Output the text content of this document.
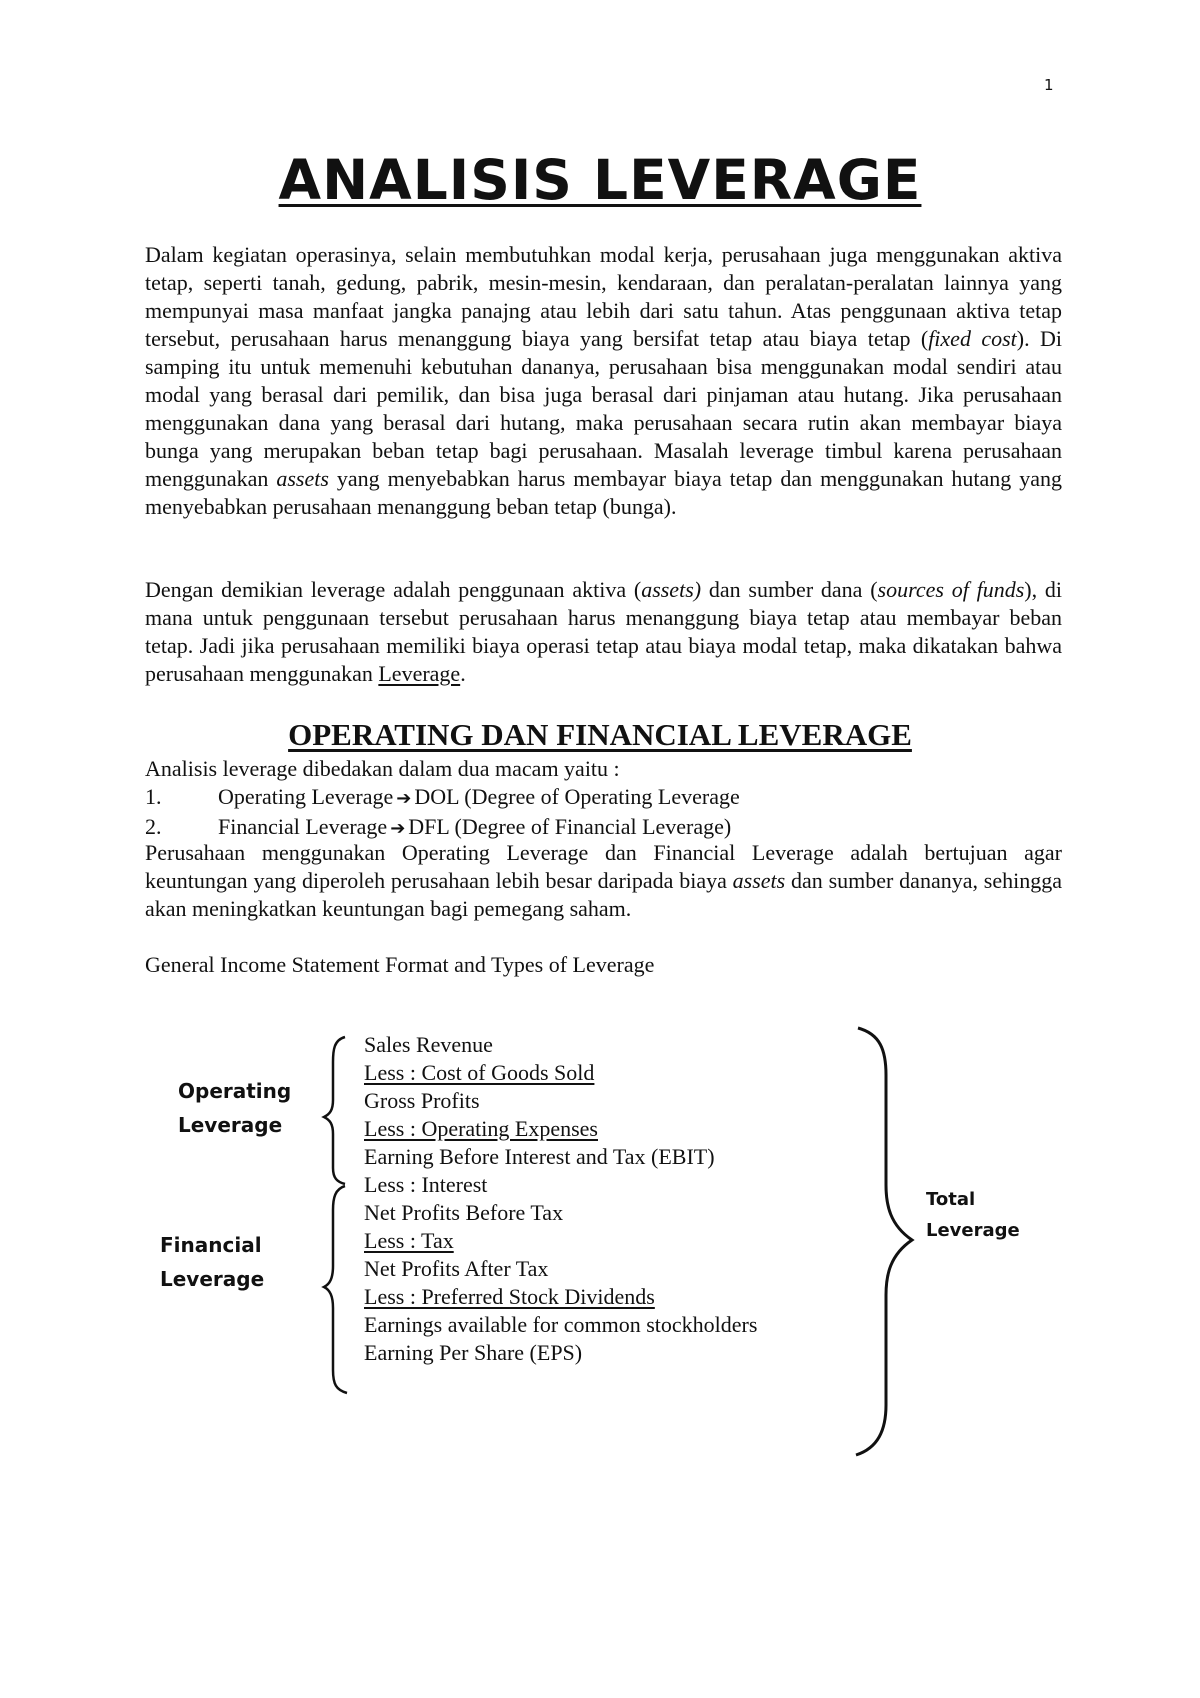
1
ANALISIS LEVERAGE

Dalam kegiatan operasinya, selain membutuhkan modal kerja, perusahaan juga menggunakan aktiva tetap, seperti tanah, gedung, pabrik, mesin-mesin, kendaraan, dan peralatan-peralatan lainnya yang mempunyai masa manfaat jangka panajng atau lebih dari satu tahun. Atas penggunaan aktiva tetap tersebut, perusahaan harus menanggung biaya yang bersifat tetap atau biaya tetap (fixed cost). Di samping itu untuk memenuhi kebutuhan dananya, perusahaan bisa menggunakan modal sendiri atau modal yang berasal dari pemilik, dan bisa juga berasal dari pinjaman atau hutang. Jika perusahaan menggunakan dana yang berasal dari hutang, maka perusahaan secara rutin akan membayar biaya bunga yang merupakan beban tetap bagi perusahaan. Masalah leverage timbul karena perusahaan menggunakan assets yang menyebabkan harus membayar biaya tetap dan menggunakan hutang yang menyebabkan perusahaan menanggung beban tetap (bunga).

Dengan demikian leverage adalah penggunaan aktiva (assets) dan sumber dana (sources of funds), di mana untuk penggunaan tersebut perusahaan harus menanggung biaya tetap atau membayar beban tetap. Jadi jika perusahaan memiliki biaya operasi tetap atau biaya modal tetap, maka dikatakan bahwa perusahaan menggunakan Leverage.

OPERATING DAN FINANCIAL LEVERAGE

Analisis leverage dibedakan dalam dua macam yaitu :

1.	Operating Leverage ➔ DOL (Degree of Operating Leverage
2.	Financial Leverage ➔ DFL (Degree of Financial Leverage)

Perusahaan menggunakan Operating Leverage dan Financial Leverage adalah bertujuan agar keuntungan yang diperoleh perusahaan lebih besar daripada biaya assets dan sumber dananya, sehingga akan meningkatkan keuntungan bagi pemegang saham.

General Income Statement Format and Types of Leverage

Operating
Leverage
Financial
Leverage
Total
Leverage
Sales Revenue
Less : Cost of Goods Sold
Gross Profits
Less : Operating Expenses
Earning Before Interest and Tax (EBIT)
Less : Interest
Net Profits Before Tax
Less : Tax
Net Profits After Tax
Less : Preferred Stock Dividends
Earnings available for common stockholders
Earning Per Share (EPS)
